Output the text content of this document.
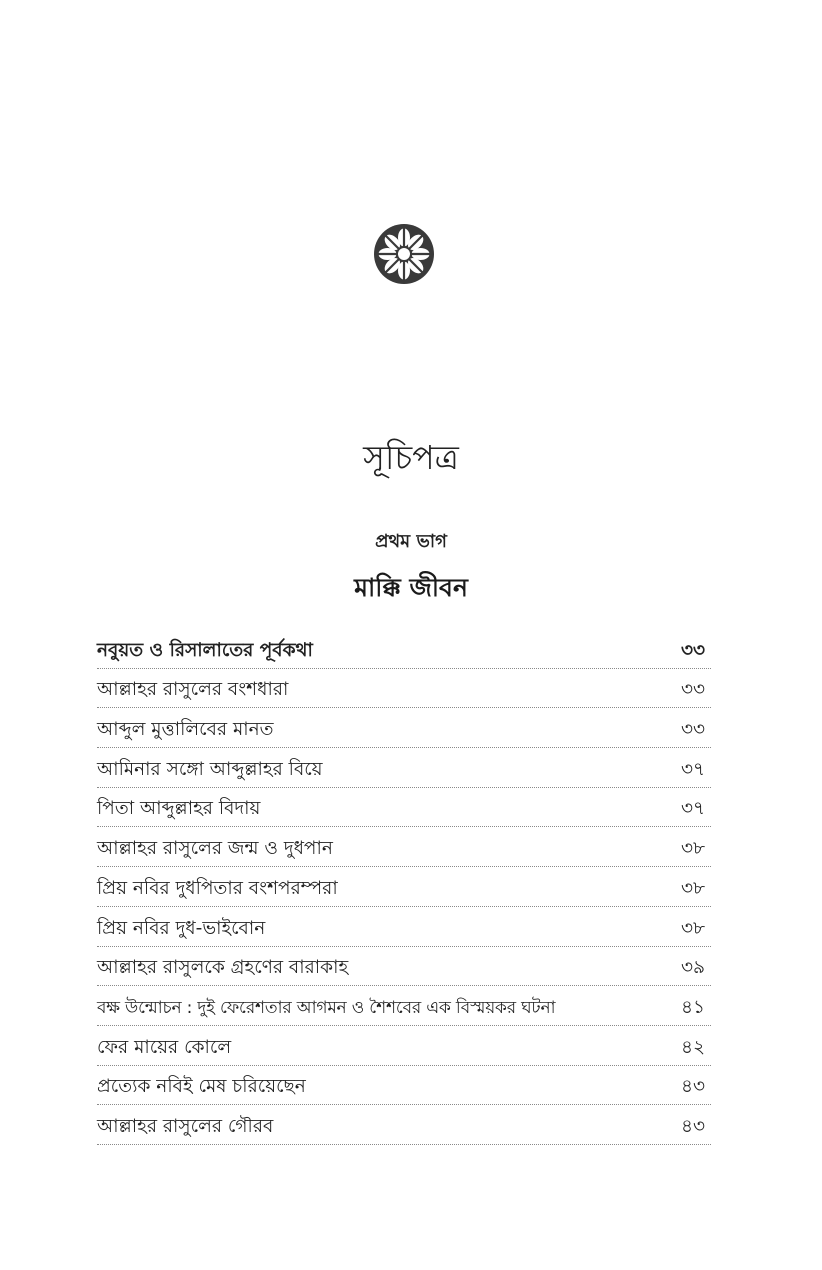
সূচিপত্র
প্রথম ভাগ
মাক্কি জীবন
নবুয়ত ও রিসালাতের পূর্বকথা	৩৩
আল্লাহর রাসুলের বংশধারা	৩৩
আব্দুল মুত্তালিবের মানত	৩৩
আমিনার সঙ্গো আব্দুল্লাহর বিয়ে	৩৭
পিতা আব্দুল্লাহর বিদায়	৩৭
আল্লাহর রাসুলের জন্ম ও দুধপান	৩৮
প্রিয় নবির দুধপিতার বংশপরম্পরা	৩৮
প্রিয় নবির দুধ-ভাইবোন	৩৮
আল্লাহর রাসুলকে গ্রহণের বারাকাহ	৩৯
বক্ষ উন্মোচন : দুই ফেরেশতার আগমন ও শৈশবের এক বিস্ময়কর ঘটনা	৪১
ফের মায়ের কোলে	৪২
প্রত্যেক নবিই মেষ চরিয়েছেন	৪৩
আল্লাহর রাসুলের গৌরব	৪৩
